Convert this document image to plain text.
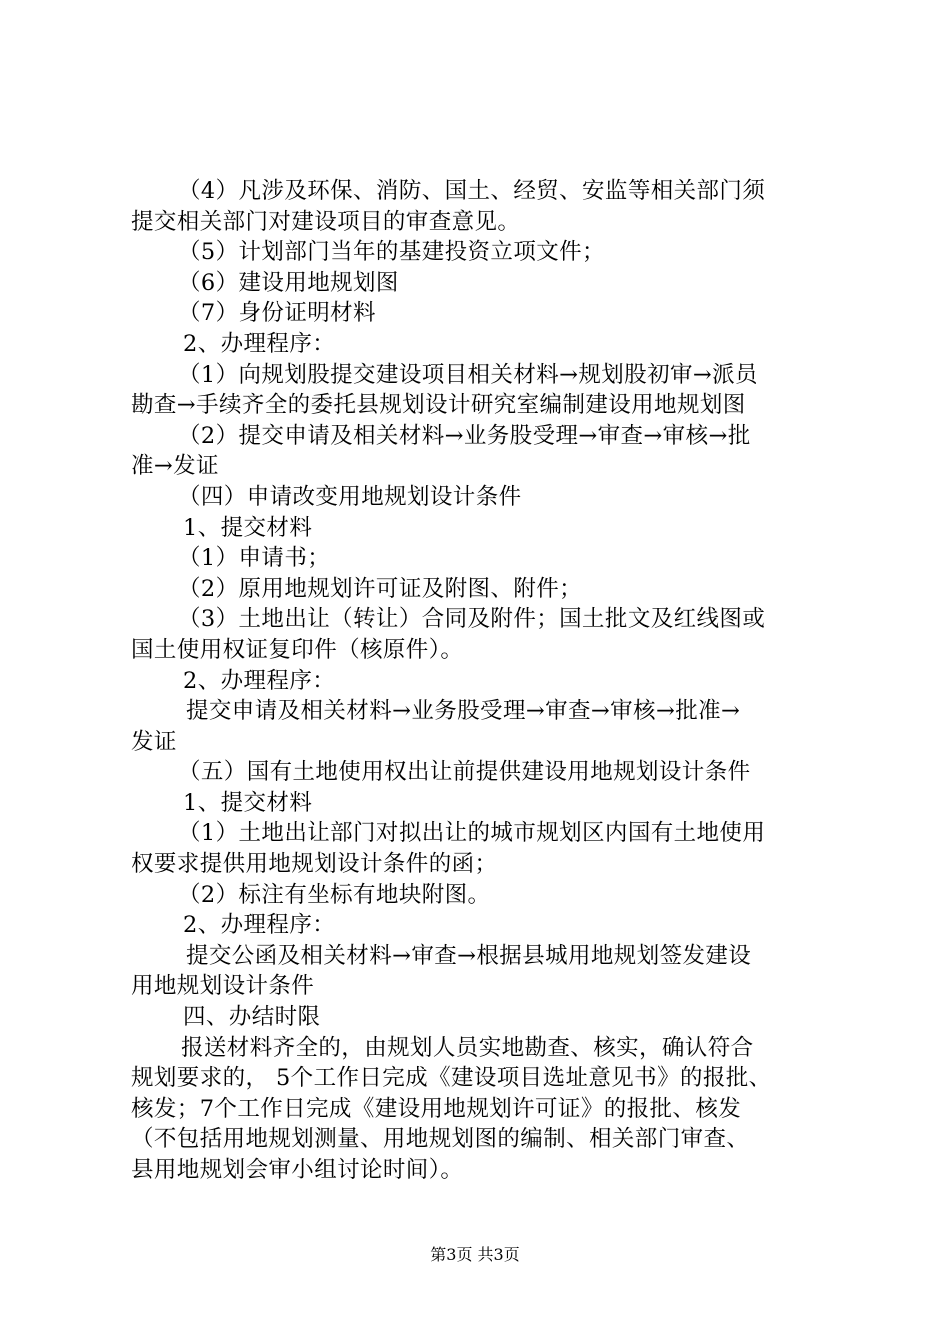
（4）凡涉及环保、消防、国土、经贸、安监等相关部门须
提交相关部门对建设项目的审查意见。
（5）计划部门当年的基建投资立项文件；
（6）建设用地规划图
（7）身份证明材料
2、办理程序：
（1）向规划股提交建设项目相关材料→规划股初审→派员
勘查→手续齐全的委托县规划设计研究室编制建设用地规划图
（2）提交申请及相关材料→业务股受理→审查→审核→批
准→发证
（四）申请改变用地规划设计条件
1、提交材料
（1）申请书；
（2）原用地规划许可证及附图、附件；
（3）土地出让（转让）合同及附件；国土批文及红线图或
国土使用权证复印件（核原件）。
2、办理程序：
提交申请及相关材料→业务股受理→审查→审核→批准→
发证
（五）国有土地使用权出让前提供建设用地规划设计条件
1、提交材料
（1）土地出让部门对拟出让的城市规划区内国有土地使用
权要求提供用地规划设计条件的函；
（2）标注有坐标有地块附图。
2、办理程序：
提交公函及相关材料→审查→根据县城用地规划签发建设
用地规划设计条件
四、办结时限
报送材料齐全的，由规划人员实地勘查、核实，确认符合
规划要求的， 5个工作日完成《建设项目选址意见书》的报批、
核发；7个工作日完成《建设用地规划许可证》的报批、核发
（不包括用地规划测量、用地规划图的编制、相关部门审查、
县用地规划会审小组讨论时间）。
第3页 共3页
